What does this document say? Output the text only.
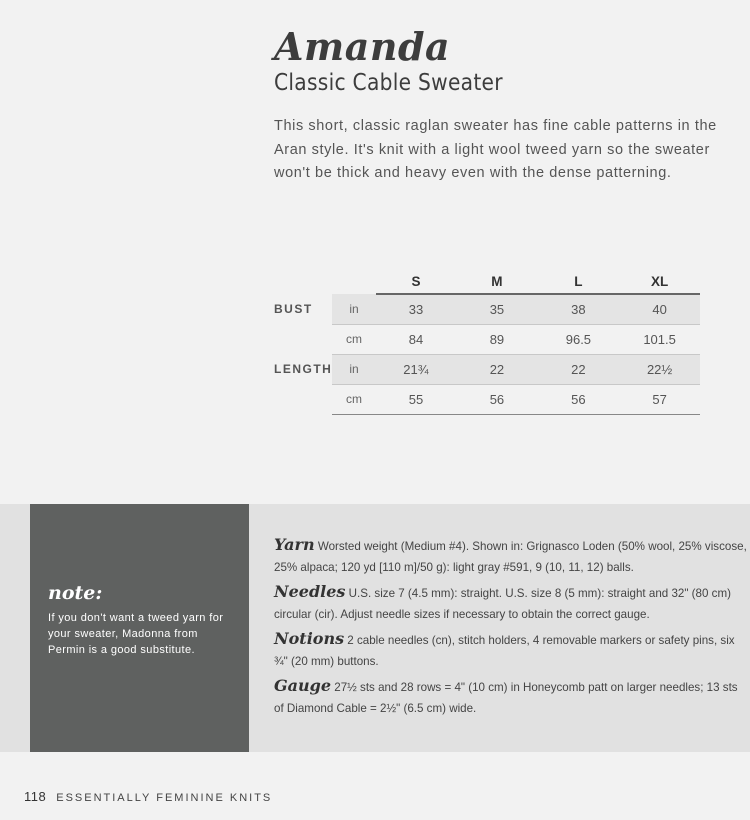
Amanda
Classic Cable Sweater

This short, classic raglan sweater has fine cable patterns in the Aran style. It's knit with a light wool tweed yarn so the sweater won't be thick and heavy even with the dense patterning.

		S	M	L	XL
BUST	in	33	35	38	40
	cm	84	89	96.5	101.5
LENGTH	in	21¾	22	22	22½
	cm	55	56	56	57
note:
If you don't want a tweed yarn for your sweater, Madonna from Permin is a good substitute.
Yarn Worsted weight (Medium #4). Shown in: Grignasco Loden (50% wool, 25% viscose, 25% alpaca; 120 yd [110 m]/50 g): light gray #591, 9 (10, 11, 12) balls.
Needles U.S. size 7 (4.5 mm): straight. U.S. size 8 (5 mm): straight and 32" (80 cm) circular (cir). Adjust needle sizes if necessary to obtain the correct gauge.
Notions 2 cable needles (cn), stitch holders, 4 removable markers or safety pins, six ¾" (20 mm) buttons.
Gauge 27½ sts and 28 rows = 4" (10 cm) in Honeycomb patt on larger needles; 13 sts of Diamond Cable = 2½" (6.5 cm) wide.
118 ESSENTIALLY FEMININE KNITS
